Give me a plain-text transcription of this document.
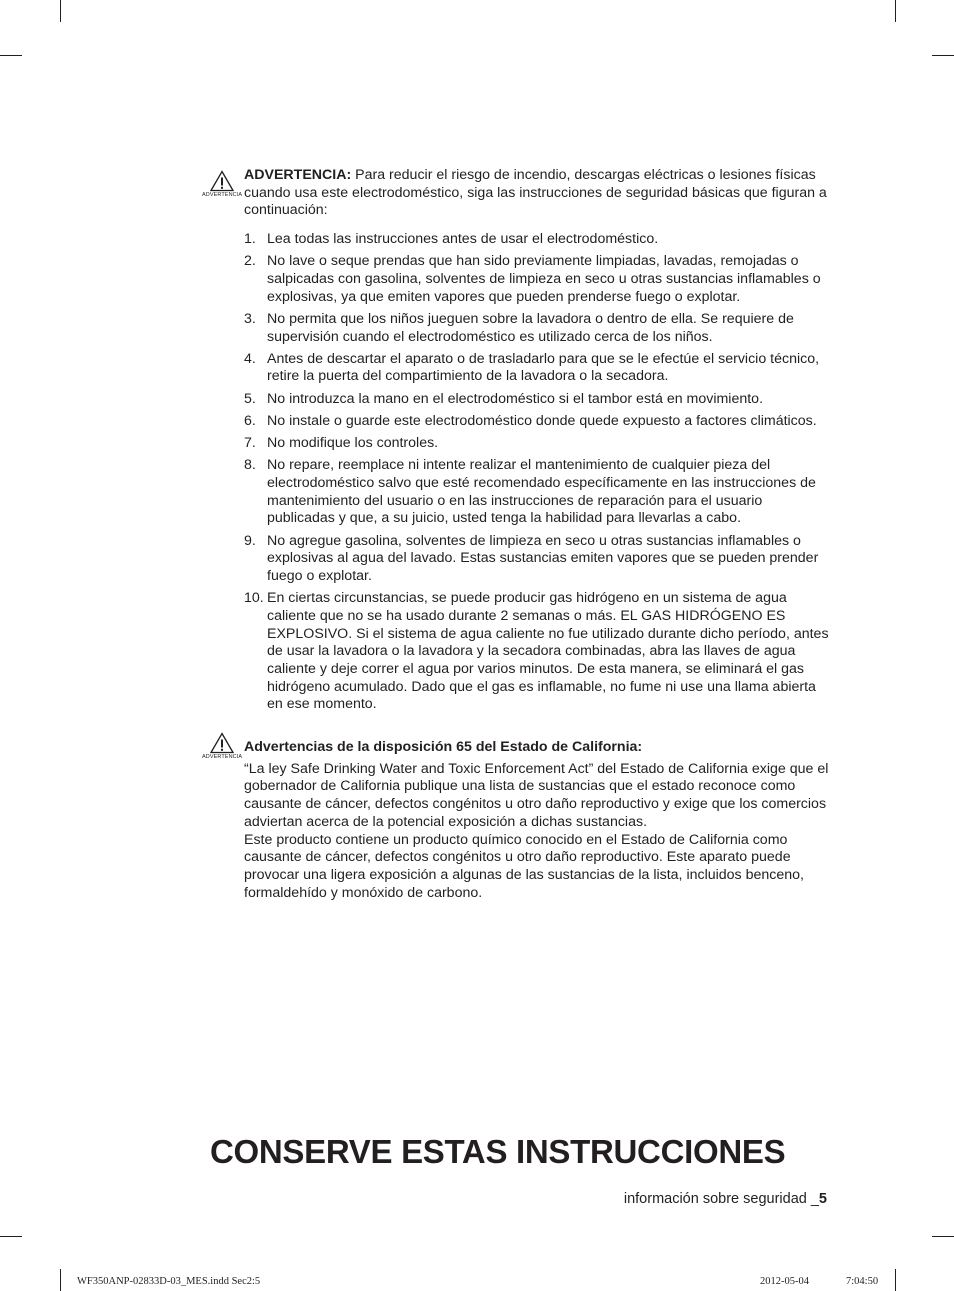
ADVERTENCIA

ADVERTENCIA: Para reducir el riesgo de incendio, descargas eléctricas o lesiones físicas cuando usa este electrodoméstico, siga las instrucciones de seguridad básicas que figuran a continuación:

1. Lea todas las instrucciones antes de usar el electrodoméstico.
2. No lave o seque prendas que han sido previamente limpiadas, lavadas, remojadas o salpicadas con gasolina, solventes de limpieza en seco u otras sustancias inflamables o explosivas, ya que emiten vapores que pueden prenderse fuego o explotar.
3. No permita que los niños jueguen sobre la lavadora o dentro de ella. Se requiere de supervisión cuando el electrodoméstico es utilizado cerca de los niños.
4. Antes de descartar el aparato o de trasladarlo para que se le efectúe el servicio técnico, retire la puerta del compartimiento de la lavadora o la secadora.
5. No introduzca la mano en el electrodoméstico si el tambor está en movimiento.
6. No instale o guarde este electrodoméstico donde quede expuesto a factores climáticos.
7. No modifique los controles.
8. No repare, reemplace ni intente realizar el mantenimiento de cualquier pieza del electrodoméstico salvo que esté recomendado específicamente en las instrucciones de mantenimiento del usuario o en las instrucciones de reparación para el usuario publicadas y que, a su juicio, usted tenga la habilidad para llevarlas a cabo.
9. No agregue gasolina, solventes de limpieza en seco u otras sustancias inflamables o explosivas al agua del lavado. Estas sustancias emiten vapores que se pueden prender fuego o explotar.
10. En ciertas circunstancias, se puede producir gas hidrógeno en un sistema de agua caliente que no se ha usado durante 2 semanas o más. EL GAS HIDRÓGENO ES EXPLOSIVO. Si el sistema de agua caliente no fue utilizado durante dicho período, antes de usar la lavadora o la lavadora y la secadora combinadas, abra las llaves de agua caliente y deje correr el agua por varios minutos. De esta manera, se eliminará el gas hidrógeno acumulado. Dado que el gas es inflamable, no fume ni use una llama abierta en ese momento.
ADVERTENCIA

Advertencias de la disposición 65 del Estado de California:

“La ley Safe Drinking Water and Toxic Enforcement Act” del Estado de California exige que el gobernador de California publique una lista de sustancias que el estado reconoce como causante de cáncer, defectos congénitos u otro daño reproductivo y exige que los comercios adviertan acerca de la potencial exposición a dichas sustancias.

Este producto contiene un producto químico conocido en el Estado de California como causante de cáncer, defectos congénitos u otro daño reproductivo. Este aparato puede provocar una ligera exposición a algunas de las sustancias de la lista, incluidos benceno, formaldehído y monóxido de carbono.

CONSERVE ESTAS INSTRUCCIONES
información sobre seguridad _5
WF350ANP-02833D-03_MES.indd Sec2:5	2012-05-04	7:04:50
